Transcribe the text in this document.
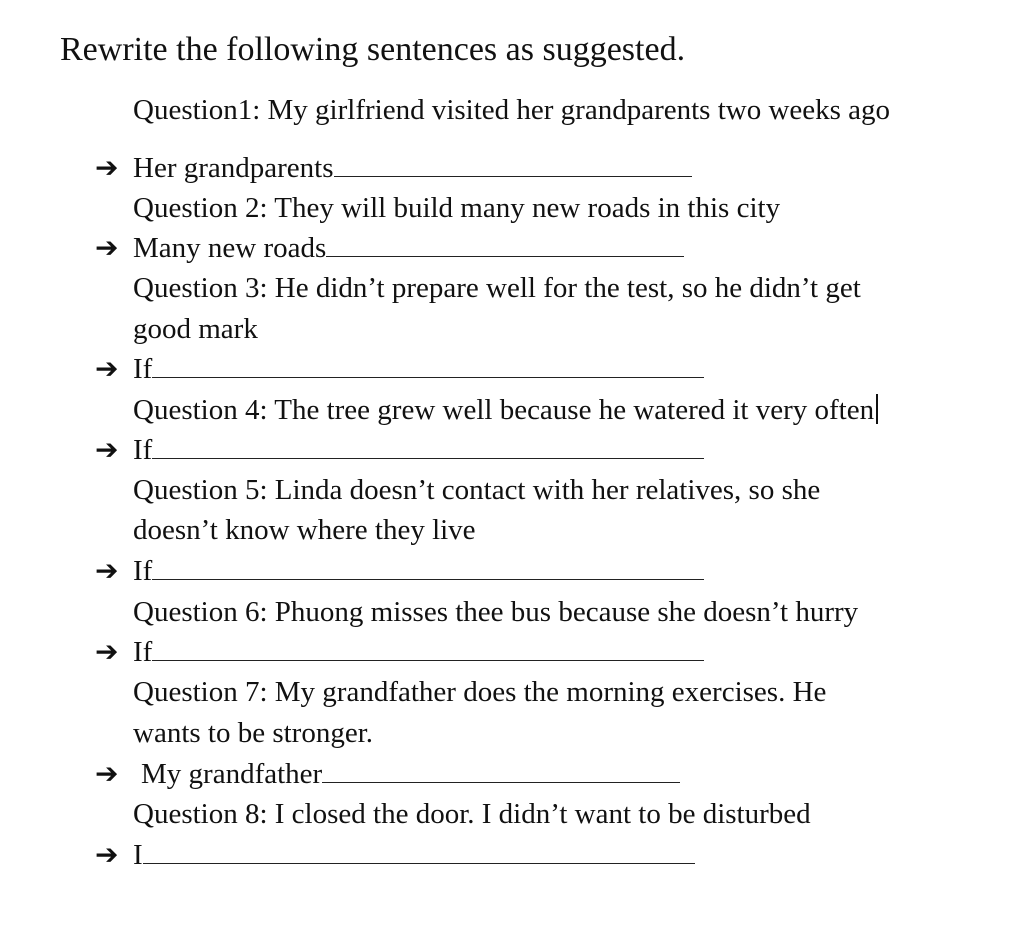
Rewrite the following sentences as suggested.
Question1: My girlfriend visited her grandparents two weeks ago
➔ Her grandparents
Question 2: They will build many new roads in this city
➔ Many new roads
Question 3: He didn’t prepare well for the test, so he didn’t get
good mark
➔ If
Question 4: The tree grew well because he watered it very often
➔ If
Question 5: Linda doesn’t contact with her relatives, so she
doesn’t know where they live
➔ If
Question 6: Phuong misses thee bus because she doesn’t hurry
➔ If
Question 7: My grandfather does the morning exercises. He
wants to be stronger.
➔ My grandfather
Question 8: I closed the door. I didn’t want to be disturbed
➔ I
